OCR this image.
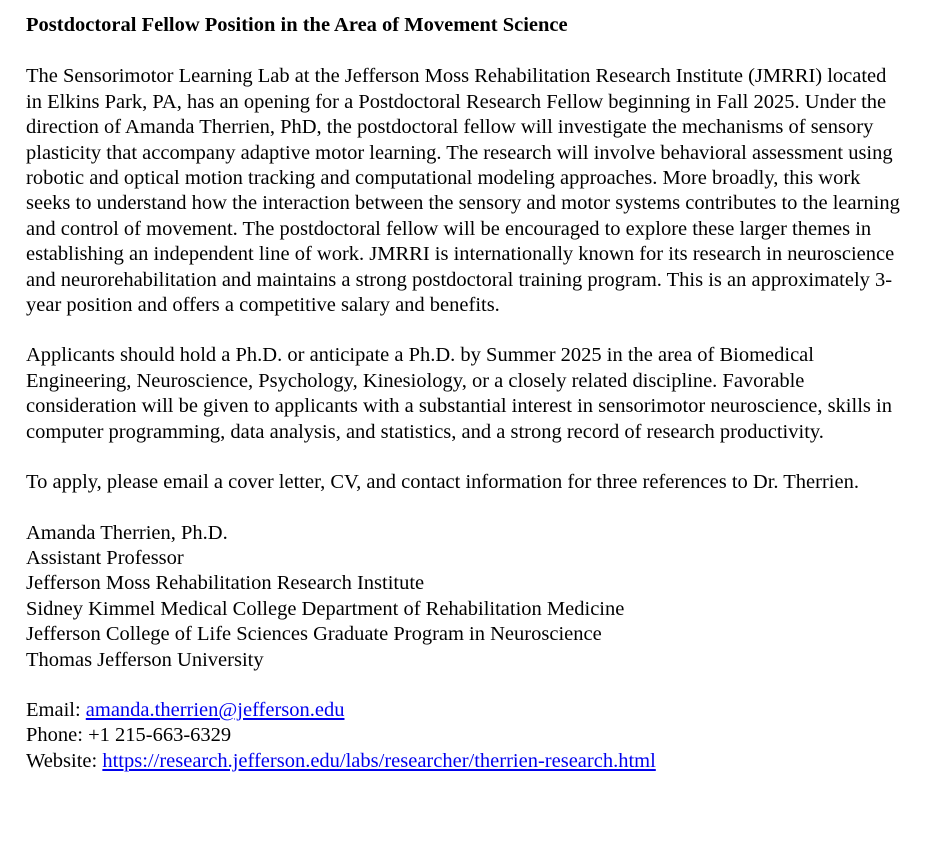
Postdoctoral Fellow Position in the Area of Movement Science
The Sensorimotor Learning Lab at the Jefferson Moss Rehabilitation Research Institute (JMRRI) located in Elkins Park, PA, has an opening for a Postdoctoral Research Fellow beginning in Fall 2025. Under the direction of Amanda Therrien, PhD, the postdoctoral fellow will investigate the mechanisms of sensory plasticity that accompany adaptive motor learning. The research will involve behavioral assessment using robotic and optical motion tracking and computational modeling approaches. More broadly, this work seeks to understand how the interaction between the sensory and motor systems contributes to the learning and control of movement. The postdoctoral fellow will be encouraged to explore these larger themes in establishing an independent line of work. JMRRI is internationally known for its research in neuroscience and neurorehabilitation and maintains a strong postdoctoral training program. This is an approximately 3-year position and offers a competitive salary and benefits.
Applicants should hold a Ph.D. or anticipate a Ph.D. by Summer 2025 in the area of Biomedical Engineering, Neuroscience, Psychology, Kinesiology, or a closely related discipline. Favorable consideration will be given to applicants with a substantial interest in sensorimotor neuroscience, skills in computer programming, data analysis, and statistics, and a strong record of research productivity.
To apply, please email a cover letter, CV, and contact information for three references to Dr. Therrien.
Amanda Therrien, Ph.D.
Assistant Professor
Jefferson Moss Rehabilitation Research Institute
Sidney Kimmel Medical College Department of Rehabilitation Medicine
Jefferson College of Life Sciences Graduate Program in Neuroscience
Thomas Jefferson University
Email: amanda.therrien@jefferson.edu
Phone: +1 215-663-6329
Website: https://research.jefferson.edu/labs/researcher/therrien-research.html
